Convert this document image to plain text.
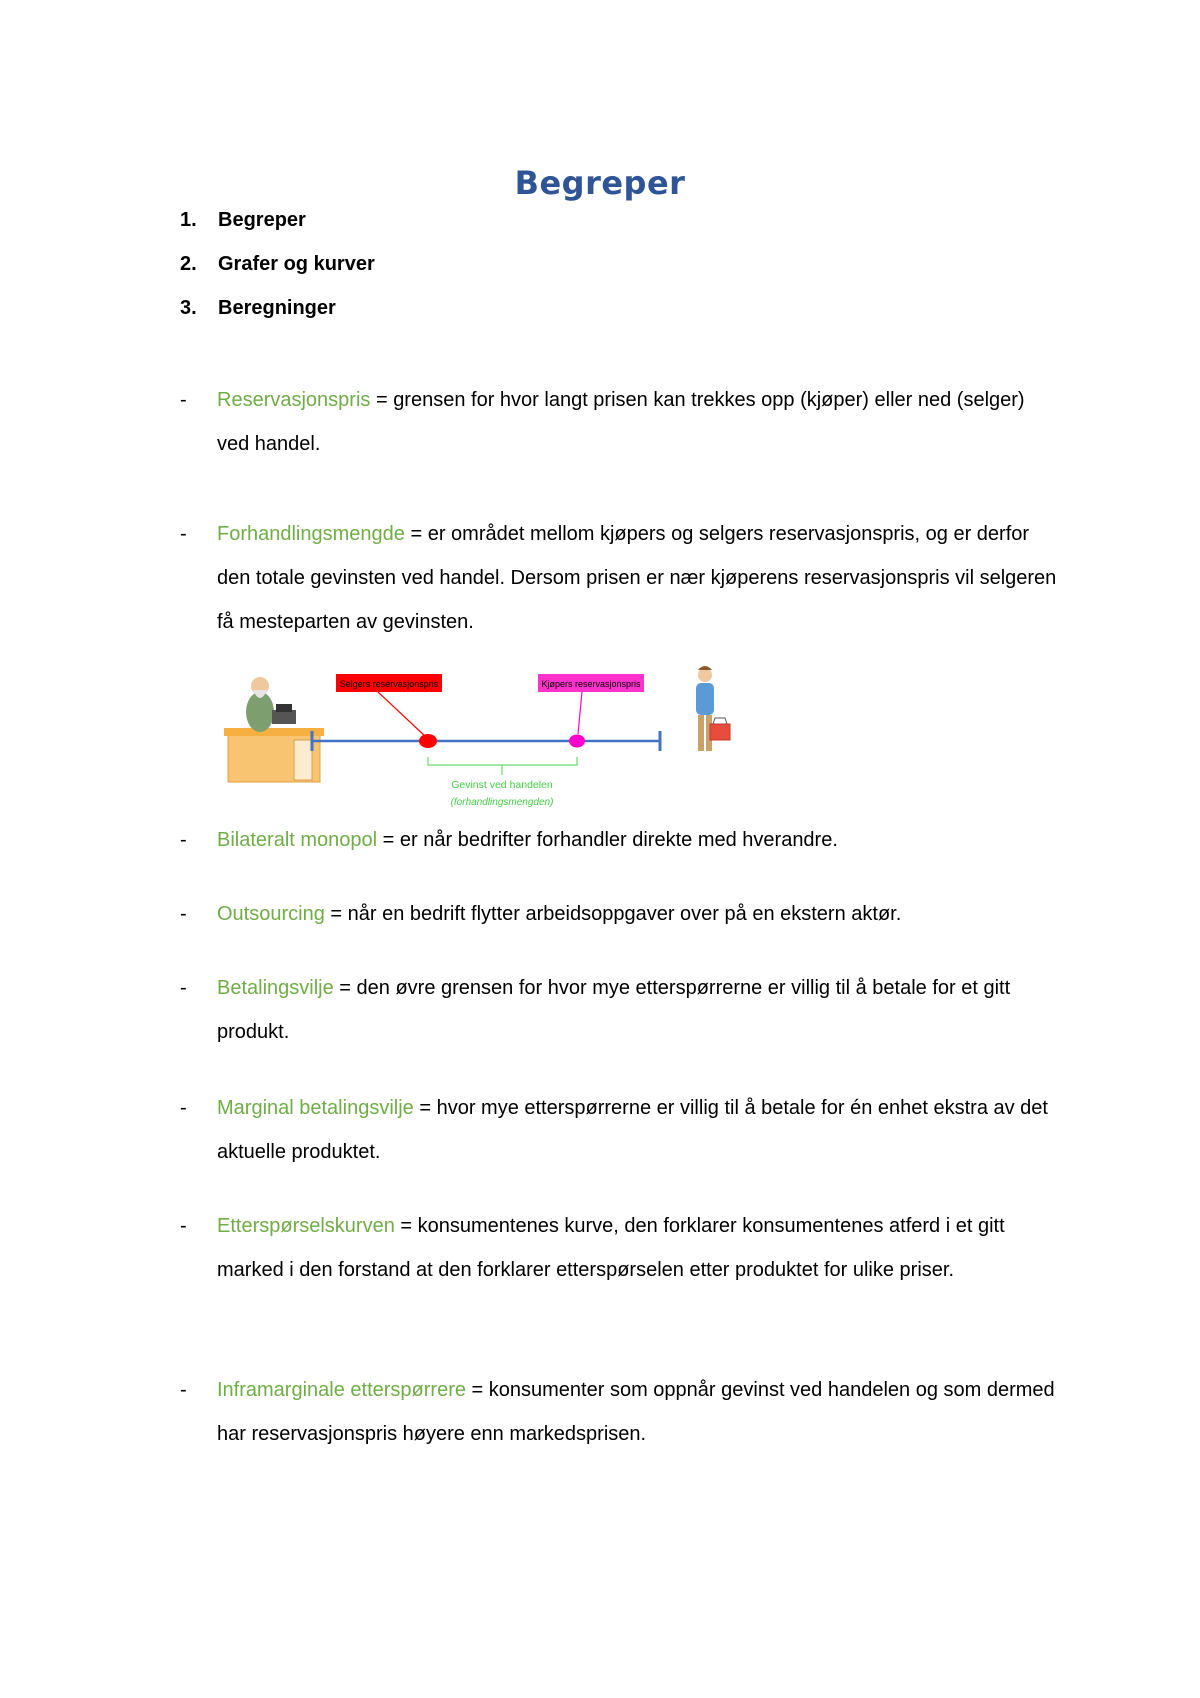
Begreper
1.	Begreper
2.	Grafer og kurver
3.	Beregninger
- Reservasjonspris = grensen for hvor langt prisen kan trekkes opp (kjøper) eller ned (selger) ved handel.
- Forhandlingsmengde = er området mellom kjøpers og selgers reservasjonspris, og er derfor den totale gevinsten ved handel. Dersom prisen er nær kjøperens reservasjonspris vil selgeren få mesteparten av gevinsten.
Selgers reservasjonspris	Kjøpers reservasjonspris
Gevinst ved handelen
(forhandlingsmengden)
- Bilateralt monopol = er når bedrifter forhandler direkte med hverandre.
- Outsourcing = når en bedrift flytter arbeidsoppgaver over på en ekstern aktør.
- Betalingsvilje = den øvre grensen for hvor mye etterspørrerne er villig til å betale for et gitt produkt.
- Marginal betalingsvilje = hvor mye etterspørrerne er villig til å betale for én enhet ekstra av det aktuelle produktet.
- Etterspørselskurven = konsumentenes kurve, den forklarer konsumentenes atferd i et gitt marked i den forstand at den forklarer etterspørselen etter produktet for ulike priser.
- Inframarginale etterspørrere = konsumenter som oppnår gevinst ved handelen og som dermed har reservasjonspris høyere enn markedsprisen.
